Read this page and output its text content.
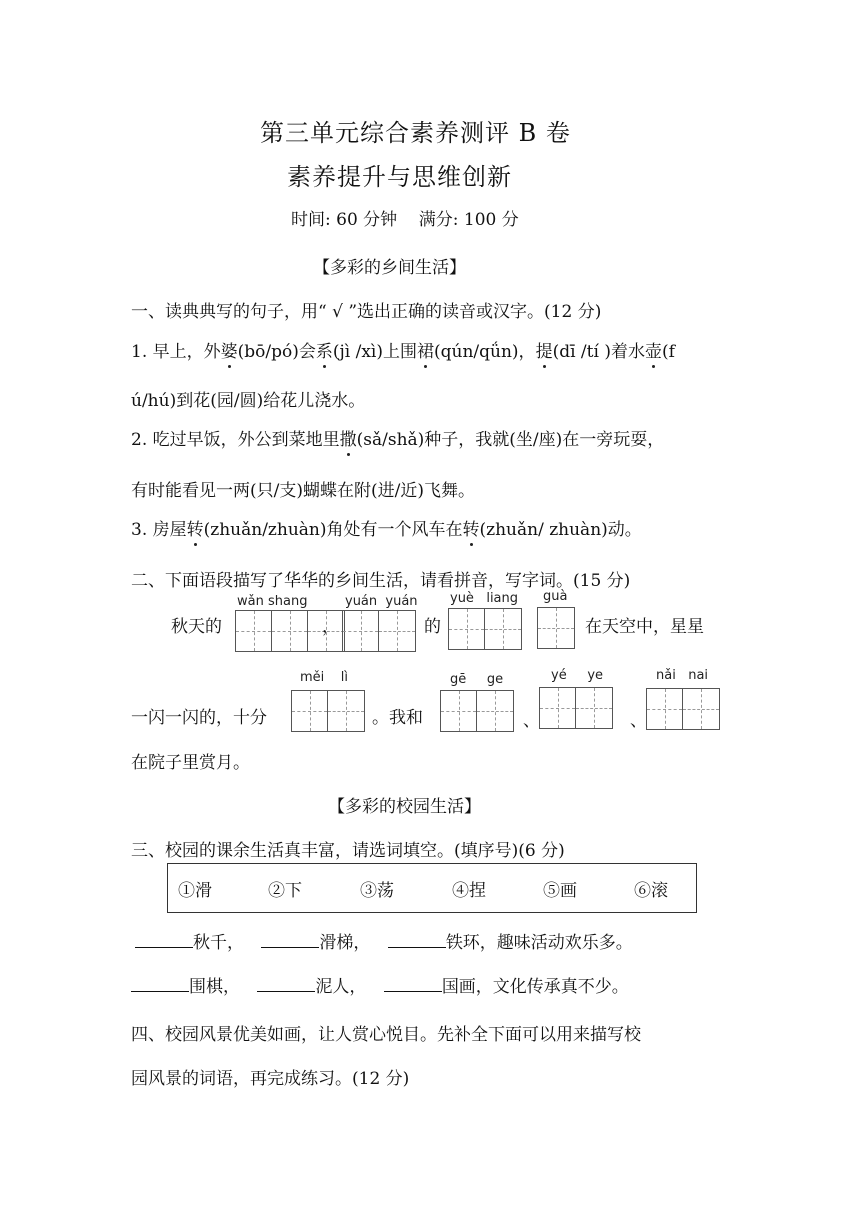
第三单元综合素养测评 B 卷
素养提升与思维创新
时间: 60 分钟    满分: 100 分
【多彩的乡间生活】
一、读典典写的句子，用“ √ ”选出正确的读音或汉字。(12 分)
1. 早上，外婆(bō/pó)会系(jì /xì)上围裙(qún/qǘn)，提(dī /tí )着水壶(f
ú/hú)到花(园/圆)给花儿浇水。
2. 吃过早饭，外公到菜地里撒(sǎ/shǎ)种子，我就(坐/座)在一旁玩耍，
有时能看见一两(只/支)蝴蝶在附(进/近)飞舞。
3. 房屋转(zhuǎn/zhuàn)角处有一个风车在转(zhuǎn/ zhuàn)动。
二、下面语段描写了华华的乡间生活，请看拼音，写字词。(15 分)
wǎn shang	yuán  yuán yuè   liang guà
秋天的	，	的	在天空中，星星
měi    lì	gē     ge	yé     ye	nǎi   nai
一闪一闪的，十分	。我和	、	、
在院子里赏月。
【多彩的校园生活】
三、校园的课余生活真丰富，请选词填空。(填序号)(6 分)
①滑	②下	③荡	④捏	⑤画	⑥滚
秋千，	滑梯，	铁环，趣味活动欢乐多。
围棋，	泥人，	国画，文化传承真不少。
四、校园风景优美如画，让人赏心悦目。先补全下面可以用来描写校
园风景的词语，再完成练习。(12 分)
